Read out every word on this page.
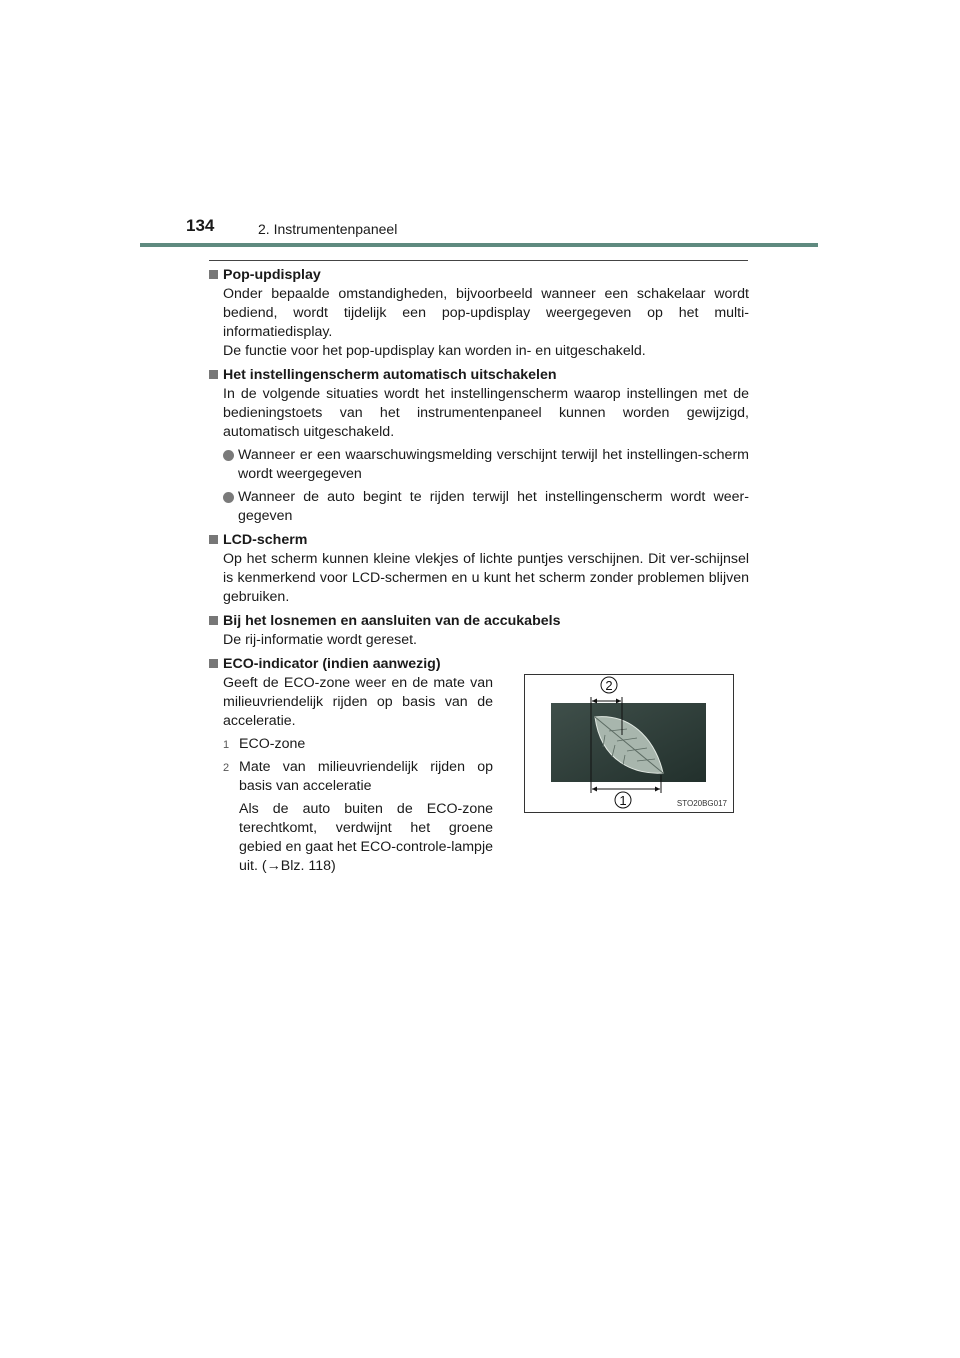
134	2. Instrumentenpaneel
Pop-updisplay
Onder bepaalde omstandigheden, bijvoorbeeld wanneer een schakelaar wordt bediend, wordt tijdelijk een pop-updisplay weergegeven op het multi-informatiedisplay.
De functie voor het pop-updisplay kan worden in- en uitgeschakeld.
Het instellingenscherm automatisch uitschakelen
In de volgende situaties wordt het instellingenscherm waarop instellingen met de bedieningstoets van het instrumentenpaneel kunnen worden gewijzigd, automatisch uitgeschakeld.
Wanneer er een waarschuwingsmelding verschijnt terwijl het instellingen-scherm wordt weergegeven
Wanneer de auto begint te rijden terwijl het instellingenscherm wordt weer-gegeven
LCD-scherm
Op het scherm kunnen kleine vlekjes of lichte puntjes verschijnen. Dit ver-schijnsel is kenmerkend voor LCD-schermen en u kunt het scherm zonder problemen blijven gebruiken.
Bij het losnemen en aansluiten van de accukabels
De rij-informatie wordt gereset.
ECO-indicator (indien aanwezig)
Geeft de ECO-zone weer en de mate van milieuvriendelijk rijden op basis van de acceleratie.
1 ECO-zone
2 Mate van milieuvriendelijk rijden op basis van acceleratie
Als de auto buiten de ECO-zone terechtkomt, verdwijnt het groene gebied en gaat het ECO-controle-lampje uit. (→Blz. 118)
2
1	STO20BG017
